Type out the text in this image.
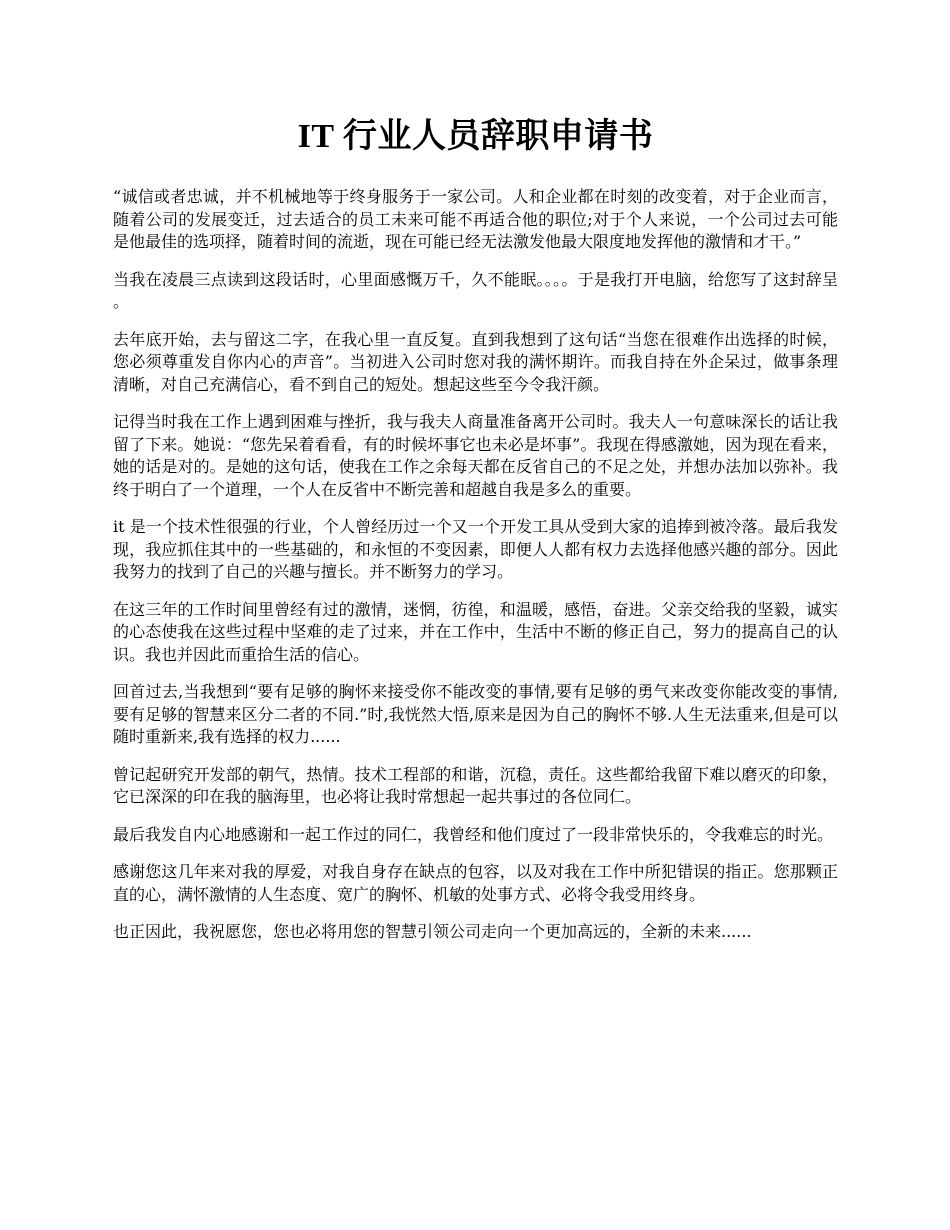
IT 行业人员辞职申请书

“诚信或者忠诚，并不机械地等于终身服务于一家公司。人和企业都在时刻的改变着，对于企业而言，随着公司的发展变迁，过去适合的员工未来可能不再适合他的职位;对于个人来说，一个公司过去可能是他最佳的选项择，随着时间的流逝，现在可能已经无法激发他最大限度地发挥他的激情和才干。”

当我在凌晨三点读到这段话时，心里面感慨万千，久不能眠。。。。于是我打开电脑，给您写了这封辞呈。

去年底开始，去与留这二字，在我心里一直反复。直到我想到了这句话“当您在很难作出选择的时候，您必须尊重发自你内心的声音”。当初进入公司时您对我的满怀期许。而我自持在外企呆过，做事条理清晰，对自己充满信心，看不到自己的短处。想起这些至今令我汗颜。

记得当时我在工作上遇到困难与挫折，我与我夫人商量准备离开公司时。我夫人一句意味深长的话让我留了下来。她说：“您先呆着看看，有的时候坏事它也未必是坏事”。我现在得感激她，因为现在看来，她的话是对的。是她的这句话，使我在工作之余每天都在反省自己的不足之处，并想办法加以弥补。我终于明白了一个道理，一个人在反省中不断完善和超越自我是多么的重要。

it 是一个技术性很强的行业，个人曾经历过一个又一个开发工具从受到大家的追捧到被冷落。最后我发现，我应抓住其中的一些基础的，和永恒的不变因素，即便人人都有权力去选择他感兴趣的部分。因此我努力的找到了自己的兴趣与擅长。并不断努力的学习。

在这三年的工作时间里曾经有过的激情，迷惘，彷徨，和温暖，感悟，奋进。父亲交给我的坚毅，诚实的心态使我在这些过程中坚难的走了过来，并在工作中，生活中不断的修正自己，努力的提高自己的认识。我也并因此而重拾生活的信心。

回首过去,当我想到“要有足够的胸怀来接受你不能改变的事情,要有足够的勇气来改变你能改变的事情,要有足够的智慧来区分二者的不同.”时,我恍然大悟,原来是因为自己的胸怀不够.人生无法重来,但是可以随时重新来,我有选择的权力......

曾记起研究开发部的朝气，热情。技术工程部的和谐，沉稳，责任。这些都给我留下难以磨灭的印象，它已深深的印在我的脑海里，也必将让我时常想起一起共事过的各位同仁。

最后我发自内心地感谢和一起工作过的同仁，我曾经和他们度过了一段非常快乐的，令我难忘的时光。

感谢您这几年来对我的厚爱，对我自身存在缺点的包容，以及对我在工作中所犯错误的指正。您那颗正直的心，满怀激情的人生态度、宽广的胸怀、机敏的处事方式、必将令我受用终身。

也正因此，我祝愿您，您也必将用您的智慧引领公司走向一个更加高远的，全新的未来......
